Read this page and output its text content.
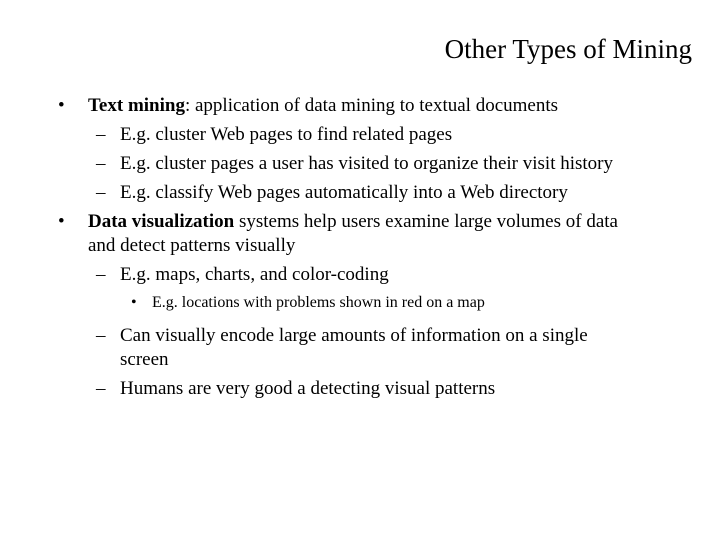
Other Types of Mining
• Text mining: application of data mining to textual documents
– E.g. cluster Web pages to find related pages
– E.g. cluster pages a user has visited to organize their visit history
– E.g. classify Web pages automatically into a Web directory
• Data visualization systems help users examine large volumes of data and detect patterns visually
– E.g. maps, charts, and color-coding
• E.g. locations with problems shown in red on a map
– Can visually encode large amounts of information on a single screen
– Humans are very good a detecting visual patterns
